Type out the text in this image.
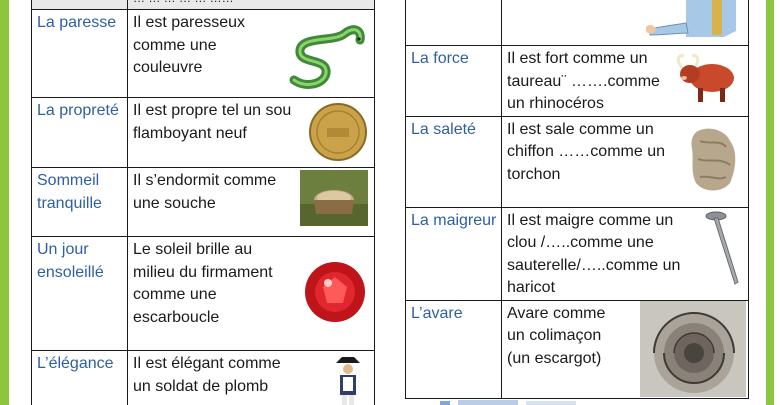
La paresse	Il est paresseux comme une couleuvre

La propreté	Il est propre tel un sou flamboyant neuf

Sommeil tranquille	Il s’endormit comme une souche

Un jour ensoleillé	Le soleil brille au milieu du firmament comme une escarboucle

L’élégance	Il est élégant comme un soldat de plomb

La force	Il est fort comme un taureau¨ …….comme un rhinocéros

La saleté	Il est sale comme un chiffon ……comme un torchon

La maigreur	Il est maigre comme un clou /…..comme une sauterelle/…..comme un haricot

L’avare	Avare comme un colimaçon (un escargot)
